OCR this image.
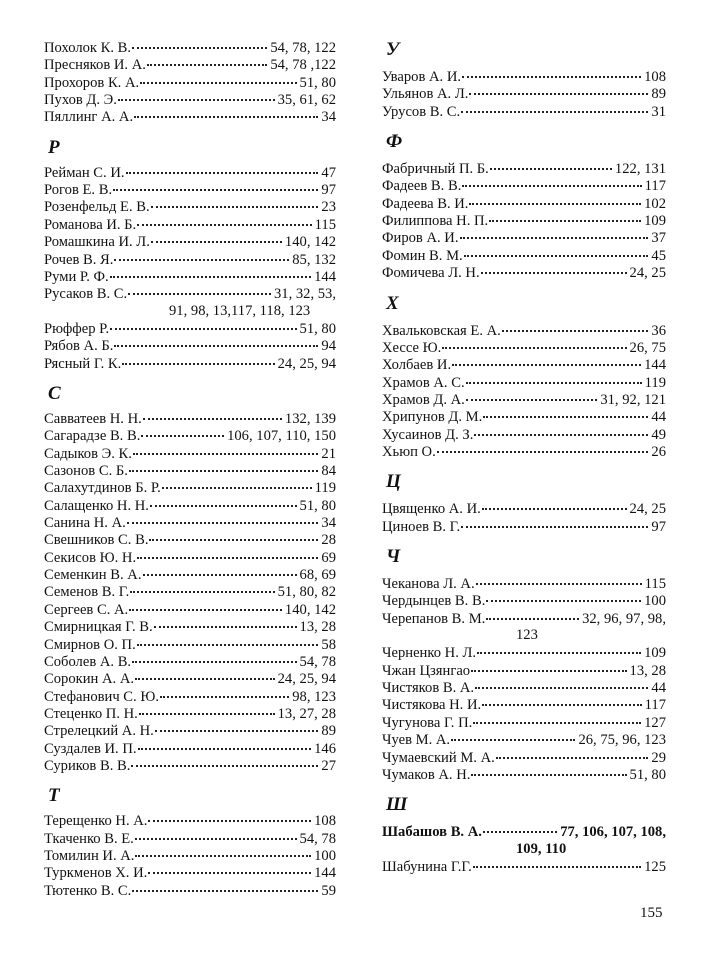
Похолок К. В.	54, 78, 122
Пресняков И. А.	54, 78 ,122
Прохоров К. А.	51, 80
Пухов Д. Э.	35, 61, 62
Пяллинг А. А.	34
Р
Рейман С. И.	47
Рогов Е. В.	97
Розенфельд Е. В.	23
Романова И. Б.	115
Ромашкина И. Л.	140, 142
Рочев В. Я.	85, 132
Руми Р. Ф.	144
Русаков В. С.	31, 32, 53,
91, 98, 13,117, 118, 123
Рюффер Р.	51, 80
Рябов А. Б.	94
Рясный Г. К.	24, 25, 94
С
Савватеев Н. Н.	132, 139
Сагарадзе В. В.	106, 107, 110, 150
Садыков Э. К.	21
Сазонов С. Б.	84
Салахутдинов Б. Р.	119
Салащенко Н. Н.	51, 80
Санина Н. А.	34
Свешников С. В.	28
Секисов Ю. Н.	69
Семенкин В. А.	68, 69
Семенов В. Г.	51, 80, 82
Сергеев С. А.	140, 142
Смирницкая Г. В.	13, 28
Смирнов О. П.	58
Соболев А. В.	54, 78
Сорокин А. А.	24, 25, 94
Стефанович С. Ю.	98, 123
Стеценко П. Н.	13, 27, 28
Стрелецкий А. Н.	89
Суздалев И. П.	146
Суриков В. В.	27
Т
Терещенко Н. А.	108
Ткаченко В. Е.	54, 78
Томилин И. А.	100
Туркменов Х. И.	144
Тютенко В. С.	59
У
Уваров А. И.	108
Ульянов А. Л.	89
Урусов В. С.	31
Ф
Фабричный П. Б.	122, 131
Фадеев В. В.	117
Фадеева В. И.	102
Филиппова Н. П.	109
Фиров А. И.	37
Фомин В. М.	45
Фомичева Л. Н.	24, 25
Х
Хвальковская Е. А.	36
Хессе Ю.	26, 75
Холбаев И.	144
Храмов А. С.	119
Храмов Д. А.	31, 92, 121
Хрипунов Д. М.	44
Хусаинов Д. З.	49
Хьюп О.	26
Ц
Цвященко А. И.	24, 25
Циноев В. Г.	97
Ч
Чеканова Л. А.	115
Чердынцев В. В.	100
Черепанов В. М.	32, 96, 97, 98,
123
Черненко Н. Л.	109
Чжан Цзянгао	13, 28
Чистяков В. А.	44
Чистякова Н. И.	117
Чугунова Г. П.	127
Чуев М. А.	26, 75, 96, 123
Чумаевский М. А.	29
Чумаков А. Н.	51, 80
Ш
Шабашов В. А.	77, 106, 107, 108,
109, 110
Шабунина Г.Г.	125
155
